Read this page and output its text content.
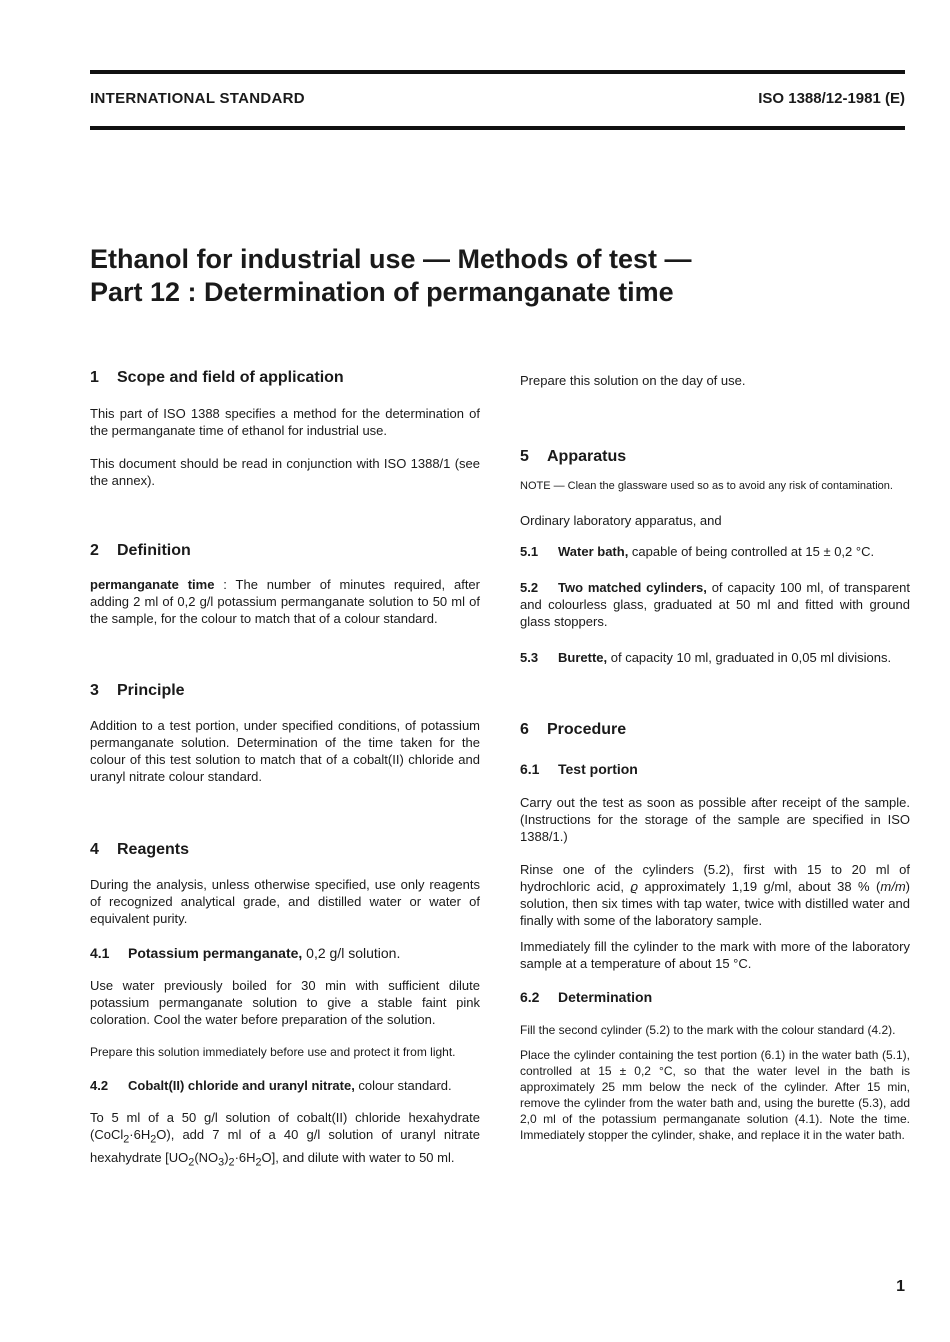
INTERNATIONAL STANDARD	ISO 1388/12-1981 (E)
Ethanol for industrial use — Methods of test —
Part 12 : Determination of permanganate time
1 Scope and field of application

This part of ISO 1388 specifies a method for the determination of the permanganate time of ethanol for industrial use.

This document should be read in conjunction with ISO 1388/1 (see the annex).

2 Definition

permanganate time : The number of minutes required, after adding 2 ml of 0,2 g/l potassium permanganate solution to 50 ml of the sample, for the colour to match that of a colour standard.

3 Principle

Addition to a test portion, under specified conditions, of potassium permanganate solution. Determination of the time taken for the colour of this test solution to match that of a cobalt(II) chloride and uranyl nitrate colour standard.

4 Reagents

During the analysis, unless otherwise specified, use only reagents of recognized analytical grade, and distilled water or water of equivalent purity.

4.1 Potassium permanganate, 0,2 g/l solution.

Use water previously boiled for 30 min with sufficient dilute potassium permanganate solution to give a stable faint pink coloration. Cool the water before preparation of the solution.

Prepare this solution immediately before use and protect it from light.

4.2 Cobalt(II) chloride and uranyl nitrate, colour standard.

To 5 ml of a 50 g/l solution of cobalt(II) chloride hexahydrate $(CoCl_2\cdot 6H_2O)$, add 7 ml of a 40 g/l solution of uranyl nitrate hexahydrate $[UO_2(NO_3)_2\cdot 6H_2O]$, and dilute with water to 50 ml.

Prepare this solution on the day of use.

5 Apparatus

NOTE — Clean the glassware used so as to avoid any risk of contamination.

Ordinary laboratory apparatus, and

5.1 Water bath, capable of being controlled at 15 ± 0,2 °C.

5.2 Two matched cylinders, of capacity 100 ml, of transparent and colourless glass, graduated at 50 ml and fitted with ground glass stoppers.

5.3 Burette, of capacity 10 ml, graduated in 0,05 ml divisions.

6 Procedure
6.1 Test portion

Carry out the test as soon as possible after receipt of the sample. (Instructions for the storage of the sample are specified in ISO 1388/1.)

Rinse one of the cylinders (5.2), first with 15 to 20 ml of hydrochloric acid, ϱ approximately 1,19 g/ml, about 38 % (m/m) solution, then six times with tap water, twice with distilled water and finally with some of the laboratory sample.

Immediately fill the cylinder to the mark with more of the laboratory sample at a temperature of about 15 °C.

6.2 Determination

Fill the second cylinder (5.2) to the mark with the colour standard (4.2).

Place the cylinder containing the test portion (6.1) in the water bath (5.1), controlled at 15 ± 0,2 °C, so that the water level in the bath is approximately 25 mm below the neck of the cylinder. After 15 min, remove the cylinder from the water bath and, using the burette (5.3), add 2,0 ml of the potassium permanganate solution (4.1). Note the time. Immediately stopper the cylinder, shake, and replace it in the water bath.

1
